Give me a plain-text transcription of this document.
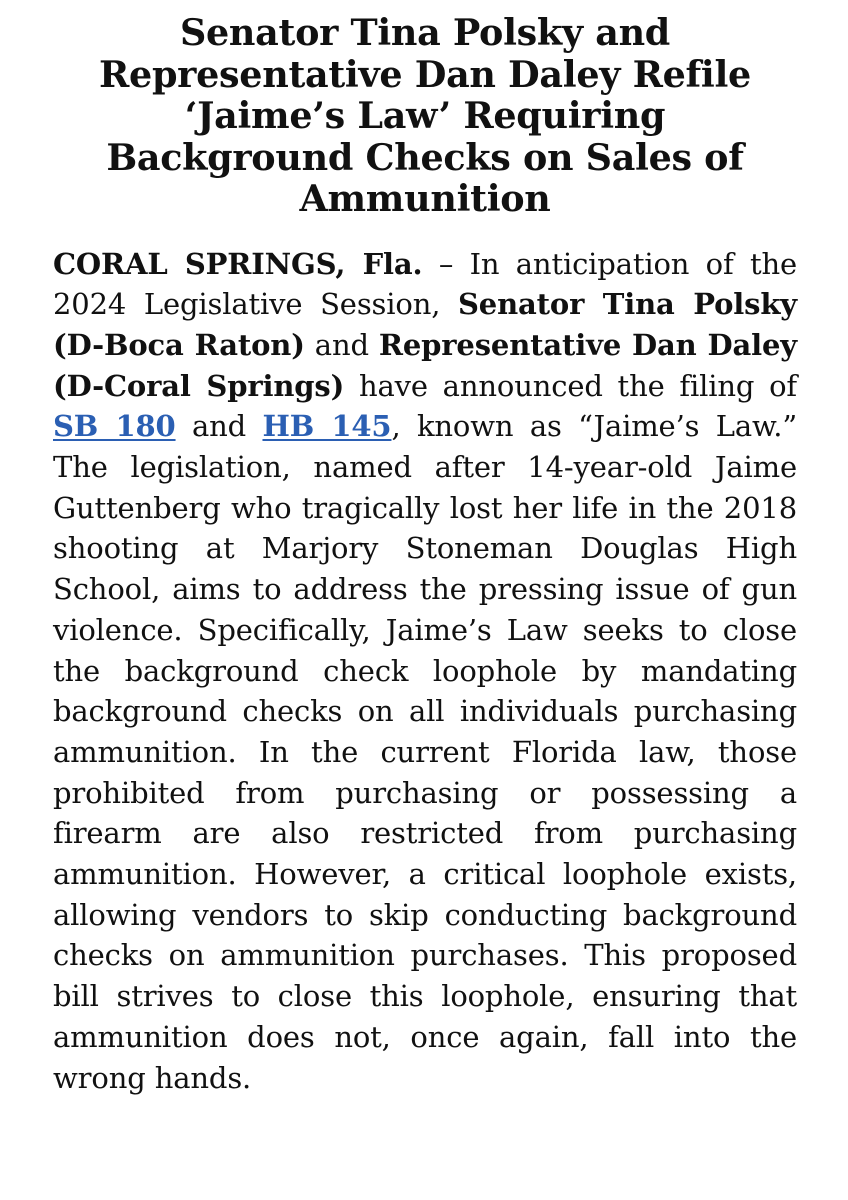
Senator Tina Polsky and Representative Dan Daley Refile ‘Jaime’s Law’ Requiring Background Checks on Sales of Ammunition

CORAL SPRINGS, Fla. – In anticipation of the 2024 Legislative Session, Senator Tina Polsky (D-Boca Raton) and Representative Dan Daley (D-Coral Springs) have announced the filing of SB 180 and HB 145, known as “Jaime’s Law.” The legislation, named after 14-year-old Jaime Guttenberg who tragically lost her life in the 2018 shooting at Marjory Stoneman Douglas High School, aims to address the pressing issue of gun violence. Specifically, Jaime’s Law seeks to close the background check loophole by mandating background checks on all individuals purchasing ammunition. In the current Florida law, those prohibited from purchasing or possessing a firearm are also restricted from purchasing ammunition. However, a critical loophole exists, allowing vendors to skip conducting background checks on ammunition purchases. This proposed bill strives to close this loophole, ensuring that ammunition does not, once again, fall into the wrong hands.
